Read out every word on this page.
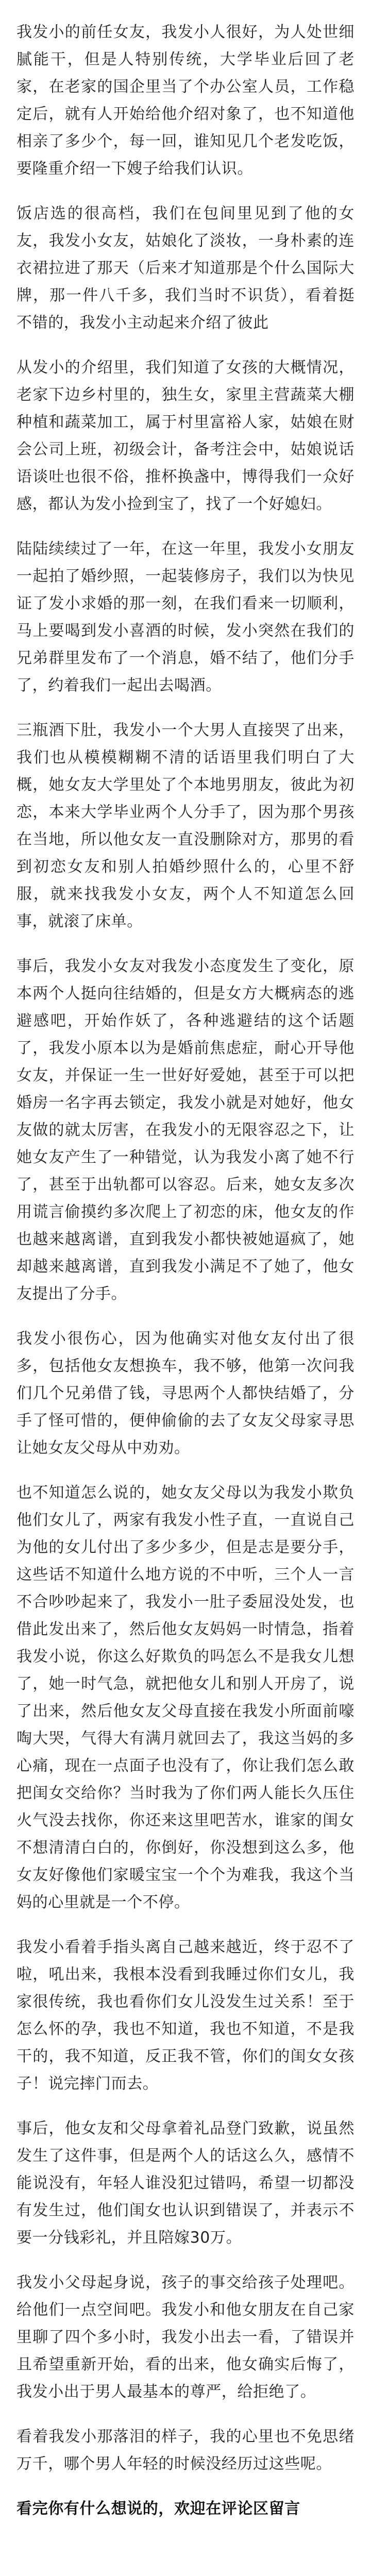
我发小的前任女友，我发小人很好，为人处世细腻能干，但是人特别传统，大学毕业后回了老家，在老家的国企里当了个办公室人员，工作稳定后，就有人开始给他介绍对象了，也不知道他相亲了多少个，每一回，谁知见几个老发吃饭，要隆重介绍一下嫂子给我们认识。

饭店选的很高档，我们在包间里见到了他的女友，我发小女友，姑娘化了淡妆，一身朴素的连衣裙拉进了那天（后来才知道那是个什么国际大牌，那一件八千多，我们当时不识货），看着挺不错的，我发小主动起来介绍了彼此

从发小的介绍里，我们知道了女孩的大概情况，老家下边乡村里的，独生女，家里主营蔬菜大棚种植和蔬菜加工，属于村里富裕人家，姑娘在财会公司上班，初级会计，备考注会中，姑娘说话语谈吐也很不俗，推杯换盏中，博得我们一众好感，都认为发小捡到宝了，找了一个好媳妇。

陆陆续续过了一年，在这一年里，我发小女朋友一起拍了婚纱照，一起装修房子，我们以为快见证了发小求婚的那一刻，在我们看来一切顺利，马上要喝到发小喜酒的时候，发小突然在我们的兄弟群里发布了一个消息，婚不结了，他们分手了，约着我们一起出去喝酒。

三瓶酒下肚，我发小一个大男人直接哭了出来，我们也从模模糊糊不清的话语里我们明白了大概，她女友大学里处了个本地男朋友，彼此为初恋，本来大学毕业两个人分手了，因为那个男孩在当地，所以他女友一直没删除对方，那男的看到初恋女友和别人拍婚纱照什么的，心里不舒服，就来找我发小女友，两个人不知道怎么回事，就滚了床单。

事后，我发小女友对我发小态度发生了变化，原本两个人挺向往结婚的，但是女方大概病态的逃避感吧，开始作妖了，各种逃避结的这个话题了，我发小原本以为是婚前焦虑症，耐心开导他女友，并保证一生一世好好爱她，甚至于可以把婚房一名字再去锁定，我发小就是对她好，他女友做的就太厉害，在我发小的无限容忍之下，让她女友产生了一种错觉，认为我发小离了她不行了，甚至于出轨都可以容忍。后来，她女友多次用谎言偷摸约多次爬上了初恋的床，他女友的作也越来越离谱，直到我发小都快被她逼疯了，她却越来越离谱，直到我发小满足不了她了，他女友提出了分手。

我发小很伤心，因为他确实对他女友付出了很多，包括他女友想换车，我不够，他第一次问我们几个兄弟借了钱，寻思两个人都快结婚了，分手了怪可惜的，便伸偷偷的去了女友父母家寻思让她女友父母从中劝劝。

也不知道怎么说的，她女友父母以为我发小欺负他们女儿了，两家有我发小性子直，一直说自己为他的女儿付出了多少多少，但是志是要分手，这些话不知道什么地方说的不中听，三个人一言不合吵吵起来了，我发小一肚子委屈没处发，也借此发出来了，然后他女友妈妈一时情急，指着我发小说，你这么好欺负的吗怎么不是我女儿想了，她一时气急，就把他女儿和别人开房了，说了出来，然后他女友父母直接在我发小所面前嚎啕大哭，气得大有满月就回去了，我这当妈的多心痛，现在一点面子也没有了，你让我们怎么敢把闺女交给你？当时我为了你们两人能长久压住火气没去找你，你还来这里吧苦水，谁家的闺女不想清清白白的，你倒好，你没想到这么多，他女友好像他们家暖宝宝一个个为难我，我这个当妈的心里就是一个不停。

我发小看着手指头离自己越来越近，终于忍不了啦，吼出来，我根本没看到我睡过你们女儿，我家很传统，我也看你们女儿没发生过关系！至于怎么怀的孕，我也不知道，我也不知道，不是我干的，我不知道，反正我不管，你们的闺女女孩子！说完摔门而去。

事后，他女友和父母拿着礼品登门致歉，说虽然发生了这件事，但是两个人的话这么久，感情不能说没有，年轻人谁没犯过错吗，希望一切都没有发生过，他们闺女也认识到错误了，并表示不要一分钱彩礼，并且陪嫁30万。

我发小父母起身说，孩子的事交给孩子处理吧。给他们一点空间吧。我发小和他女朋友在自己家里聊了四个多小时，我发小出去一看，了错误并且希望重新开始，看的出来，他女确实后悔了，我发小出于男人最基本的尊严，给拒绝了。

看着我发小那落泪的样子，我的心里也不免思绪万千，哪个男人年轻的时候没经历过这些呢。

看完你有什么想说的，欢迎在评论区留言
